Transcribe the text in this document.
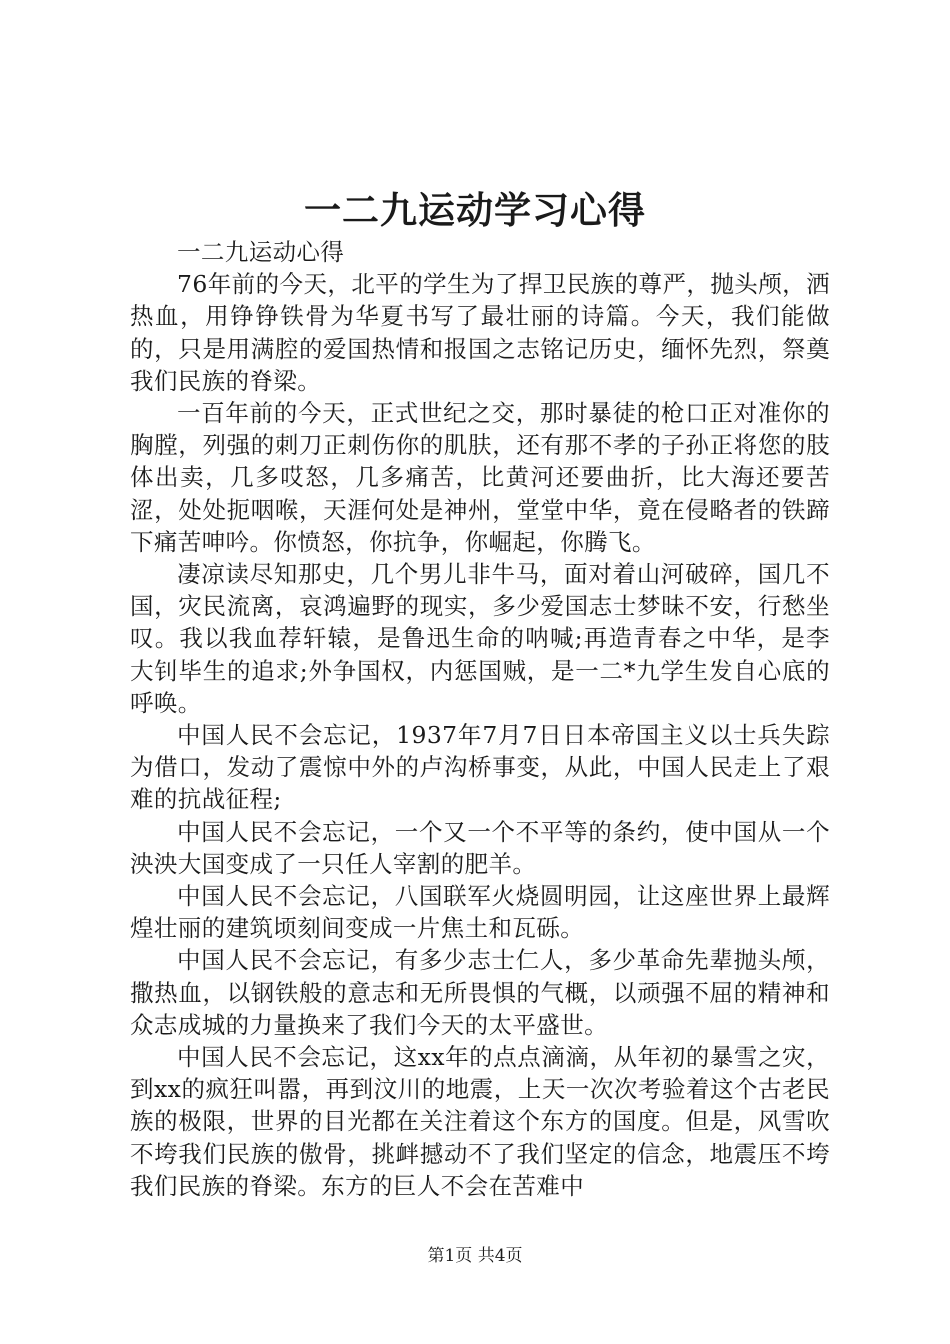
一二九运动学习心得

一二九运动心得

76年前的今天，北平的学生为了捍卫民族的尊严，抛头颅，洒热血，用铮铮铁骨为华夏书写了最壮丽的诗篇。今天，我们能做的，只是用满腔的爱国热情和报国之志铭记历史，缅怀先烈，祭奠我们民族的脊梁。

一百年前的今天，正式世纪之交，那时暴徒的枪口正对准你的胸膛，列强的刺刀正刺伤你的肌肤，还有那不孝的子孙正将您的肢体出卖，几多哎怒，几多痛苦，比黄河还要曲折，比大海还要苦涩，处处扼咽喉，天涯何处是神州，堂堂中华，竟在侵略者的铁蹄下痛苦呻吟。你愤怒，你抗争，你崛起，你腾飞。

凄凉读尽知那史，几个男儿非牛马，面对着山河破碎，国几不国，灾民流离，哀鸿遍野的现实，多少爱国志士梦昧不安，行愁坐叹。我以我血荐轩辕，是鲁迅生命的呐喊;再造青春之中华，是李大钊毕生的追求;外争国权，内惩国贼，是一二*九学生发自心底的呼唤。

中国人民不会忘记，1937年7月7日日本帝国主义以士兵失踪为借口，发动了震惊中外的卢沟桥事变，从此，中国人民走上了艰难的抗战征程;

中国人民不会忘记，一个又一个不平等的条约，使中国从一个泱泱大国变成了一只任人宰割的肥羊。

中国人民不会忘记，八国联军火烧圆明园，让这座世界上最辉煌壮丽的建筑顷刻间变成一片焦土和瓦砾。

中国人民不会忘记，有多少志士仁人，多少革命先辈抛头颅，撒热血，以钢铁般的意志和无所畏惧的气概，以顽强不屈的精神和众志成城的力量换来了我们今天的太平盛世。

中国人民不会忘记，这xx年的点点滴滴，从年初的暴雪之灾，到xx的疯狂叫嚣，再到汶川的地震，上天一次次考验着这个古老民族的极限，世界的目光都在关注着这个东方的国度。但是，风雪吹不垮我们民族的傲骨，挑衅撼动不了我们坚定的信念，地震压不垮我们民族的脊梁。东方的巨人不会在苦难中

第1页 共4页
